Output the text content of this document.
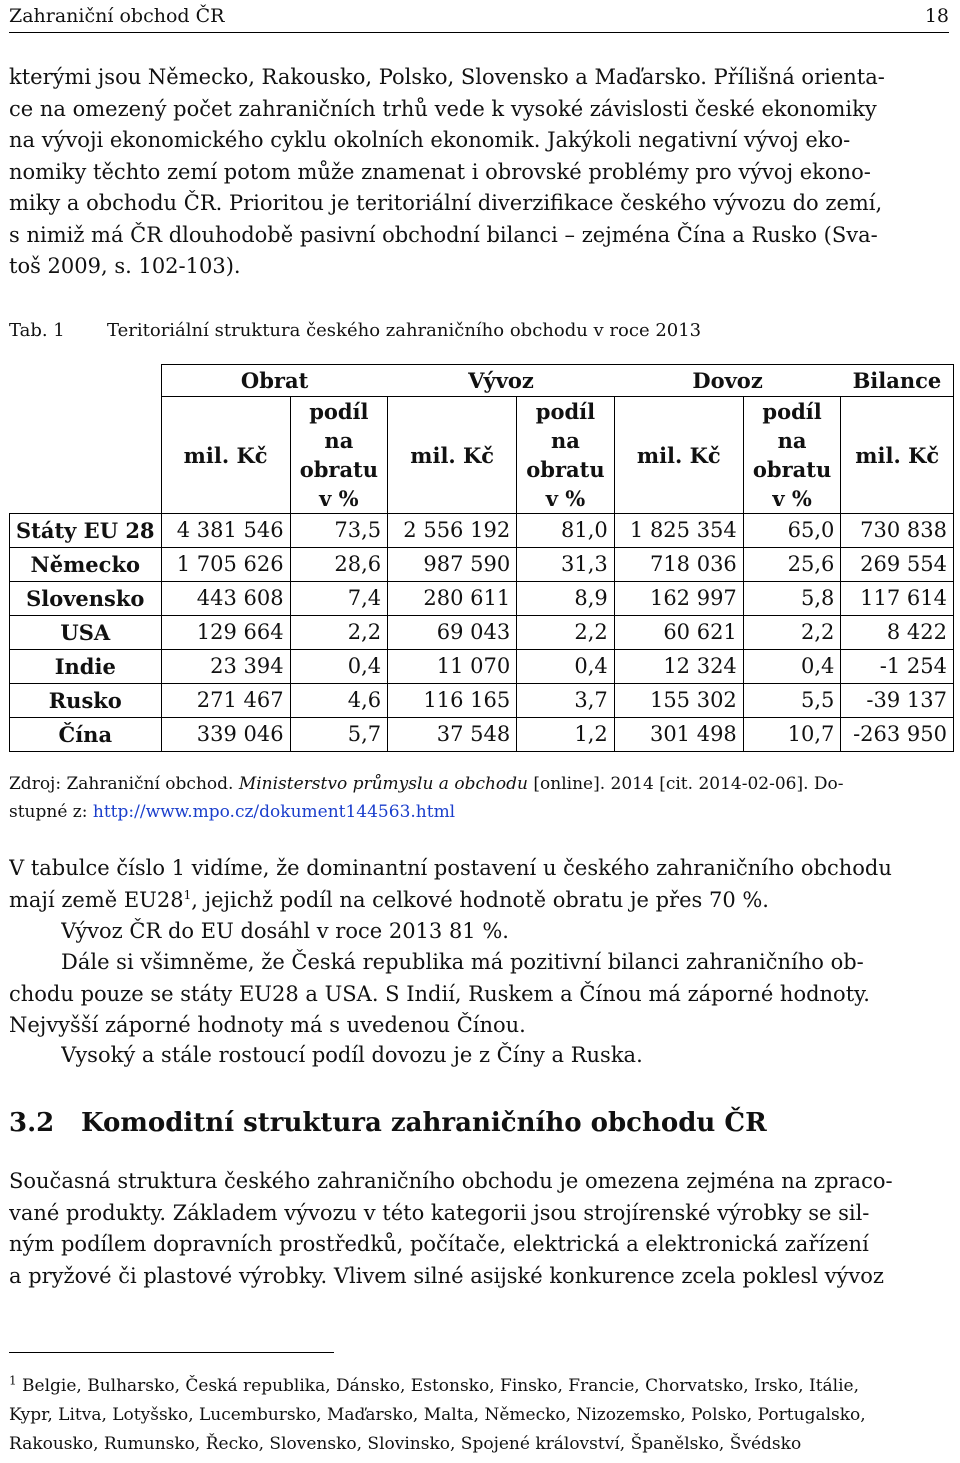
Zahraniční obchod ČR	18
kterými jsou Německo, Rakousko, Polsko, Slovensko a Maďarsko. Přílišná orienta-
ce na omezený počet zahraničních trhů vede k vysoké závislosti české ekonomiky
na vývoji ekonomického cyklu okolních ekonomik. Jakýkoli negativní vývoj eko-
nomiky těchto zemí potom může znamenat i obrovské problémy pro vývoj ekono-
miky a obchodu ČR. Prioritou je teritoriální diverzifikace českého vývozu do zemí,
s nimiž má ČR dlouhodobě pasivní obchodní bilanci – zejména Čína a Rusko (Sva-
toš 2009, s. 102-103).
Tab. 1	Teritoriální struktura českého zahraničního obchodu v roce 2013
	Obrat		Vývoz		Dovoz		Bilance
	mil. Kč	podíl
na
obratu
v %	mil. Kč	podíl
na
obratu
v %	mil. Kč	podíl
na
obratu
v %	mil. Kč
Státy EU 28	4 381 546	73,5	2 556 192	81,0	1 825 354	65,0	730 838
Německo	1 705 626	28,6	987 590	31,3	718 036	25,6	269 554
Slovensko	443 608	7,4	280 611	8,9	162 997	5,8	117 614
USA	129 664	2,2	69 043	2,2	60 621	2,2	8 422
Indie	23 394	0,4	11 070	0,4	12 324	0,4	-1 254
Rusko	271 467	4,6	116 165	3,7	155 302	5,5	-39 137
Čína	339 046	5,7	37 548	1,2	301 498	10,7	-263 950
Zdroj: Zahraniční obchod. Ministerstvo průmyslu a obchodu [online]. 2014 [cit. 2014-02-06]. Do-
stupné z: http://www.mpo.cz/dokument144563.html
V tabulce číslo 1 vidíme, že dominantní postavení u českého zahraničního obchodu
mají země $EU28^1$, jejichž podíl na celkové hodnotě obratu je přes 70 %.
Vývoz ČR do EU dosáhl v roce 2013 81 %.
Dále si všimněme, že Česká republika má pozitivní bilanci zahraničního ob-
chodu pouze se státy EU28 a USA. S Indií, Ruskem a Čínou má záporné hodnoty.
Nejvyšší záporné hodnoty má s uvedenou Čínou.
Vysoký a stále rostoucí podíl dovozu je z Číny a Ruska.
3.2 Komoditní struktura zahraničního obchodu ČR
Současná struktura českého zahraničního obchodu je omezena zejména na zpraco-
vané produkty. Základem vývozu v této kategorii jsou strojírenské výrobky se sil-
ným podílem dopravních prostředků, počítače, elektrická a elektronická zařízení
a pryžové či plastové výrobky. Vlivem silné asijské konkurence zcela poklesl vývoz
$^1$ Belgie, Bulharsko, Česká republika, Dánsko, Estonsko, Finsko, Francie, Chorvatsko, Irsko, Itálie,
Kypr, Litva, Lotyšsko, Lucembursko, Maďarsko, Malta, Německo, Nizozemsko, Polsko, Portugalsko,
Rakousko, Rumunsko, Řecko, Slovensko, Slovinsko, Spojené království, Španělsko, Švédsko
